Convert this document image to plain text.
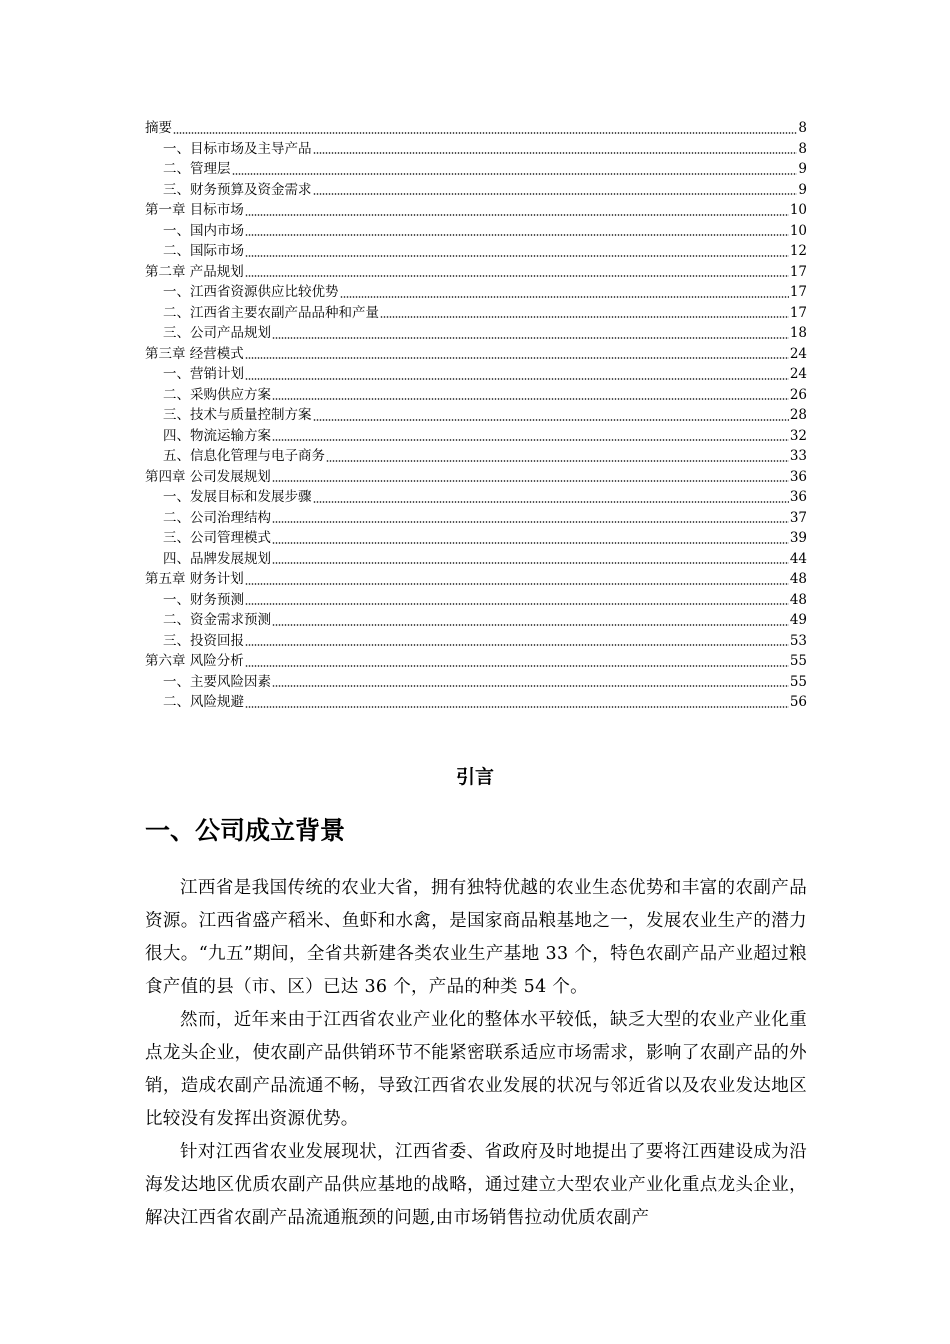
摘要	8
一、目标市场及主导产品	8
二、管理层	9
三、财务预算及资金需求	9
第一章 目标市场	10
一、国内市场	10
二、国际市场	12
第二章 产品规划	17
一、江西省资源供应比较优势	17
二、江西省主要农副产品品种和产量	17
三、公司产品规划	18
第三章 经营模式	24
一、营销计划	24
二、采购供应方案	26
三、技术与质量控制方案	28
四、物流运输方案	32
五、信息化管理与电子商务	33
第四章 公司发展规划	36
一、发展目标和发展步骤	36
二、公司治理结构	37
三、公司管理模式	39
四、品牌发展规划	44
第五章 财务计划	48
一、财务预测	48
二、资金需求预测	49
三、投资回报	53
第六章 风险分析	55
一、主要风险因素	55
二、风险规避	56
引言
一、公司成立背景

江西省是我国传统的农业大省，拥有独特优越的农业生态优势和丰富的农副产品资源。江西省盛产稻米、鱼虾和水禽，是国家商品粮基地之一，发展农业生产的潜力很大。“九五”期间，全省共新建各类农业生产基地 33 个，特色农副产品产业超过粮食产值的县（市、区）已达 36 个，产品的种类 54 个。

然而，近年来由于江西省农业产业化的整体水平较低，缺乏大型的农业产业化重点龙头企业，使农副产品供销环节不能紧密联系适应市场需求，影响了农副产品的外销，造成农副产品流通不畅，导致江西省农业发展的状况与邻近省以及农业发达地区比较没有发挥出资源优势。

针对江西省农业发展现状，江西省委、省政府及时地提出了要将江西建设成为沿海发达地区优质农副产品供应基地的战略，通过建立大型农业产业化重点龙头企业，解决江西省农副产品流通瓶颈的问题,由市场销售拉动优质农副产
